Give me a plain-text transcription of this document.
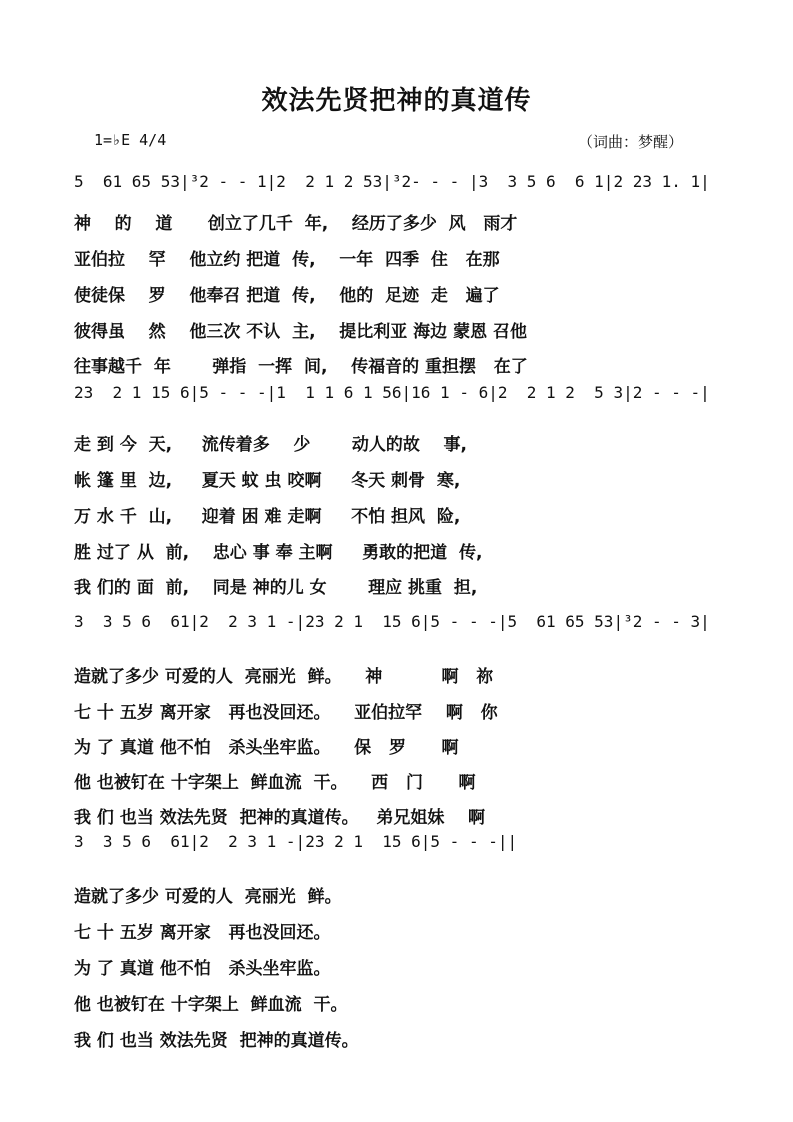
效法先贤把神的真道传
1=♭E 4/4	（词曲：梦醒）
5  61 65 53|³2 - - 1|2  2 1 2 53|³2- - - |3  3 5 6  6 1|2 23 1. 1|
神    的    道      创立了几千  年,    经历了多少  风   雨才
亚伯拉    罕    他立约 把道  传,    一年  四季  住   在那
使徒保    罗    他奉召 把道  传,    他的  足迹  走   遍了
彼得虽    然    他三次 不认  主,    提比利亚 海边 蒙恩 召他
往事越千  年       弹指  一挥  间,    传福音的 重担摆   在了
23  2 1 15 6|5 - - -|1  1 1 6 1 56|16 1 - 6|2  2 1 2  5 3|2 - - -|
走 到 今  天,     流传着多    少       动人的故    事,
帐 篷 里  边,     夏天 蚊 虫 咬啊     冬天 刺骨  寒,
万 水 千  山,     迎着 困 难 走啊     不怕 担风  险,
胜 过了 从  前,    忠心 事 奉 主啊     勇敢的把道  传,
我 们的 面  前,    同是 神的儿 女       理应 挑重  担,
3  3 5 6  61|2  2 3 1 -|23 2 1  15 6|5 - - -|5  61 65 53|³2 - - 3|
造就了多少 可爱的人  亮丽光  鲜。    神          啊   祢
七 十 五岁 离开家   再也没回还。    亚伯拉罕    啊   你
为 了 真道 他不怕   杀头坐牢监。    保   罗      啊
他 也被钉在 十字架上  鲜血流  干。    西   门      啊
我 们 也当 效法先贤  把神的真道传。   弟兄姐妹    啊
3  3 5 6  61|2  2 3 1 -|23 2 1  15 6|5 - - -||
造就了多少 可爱的人  亮丽光  鲜。
七 十 五岁 离开家   再也没回还。
为 了 真道 他不怕   杀头坐牢监。
他 也被钉在 十字架上  鲜血流  干。
我 们 也当 效法先贤  把神的真道传。
